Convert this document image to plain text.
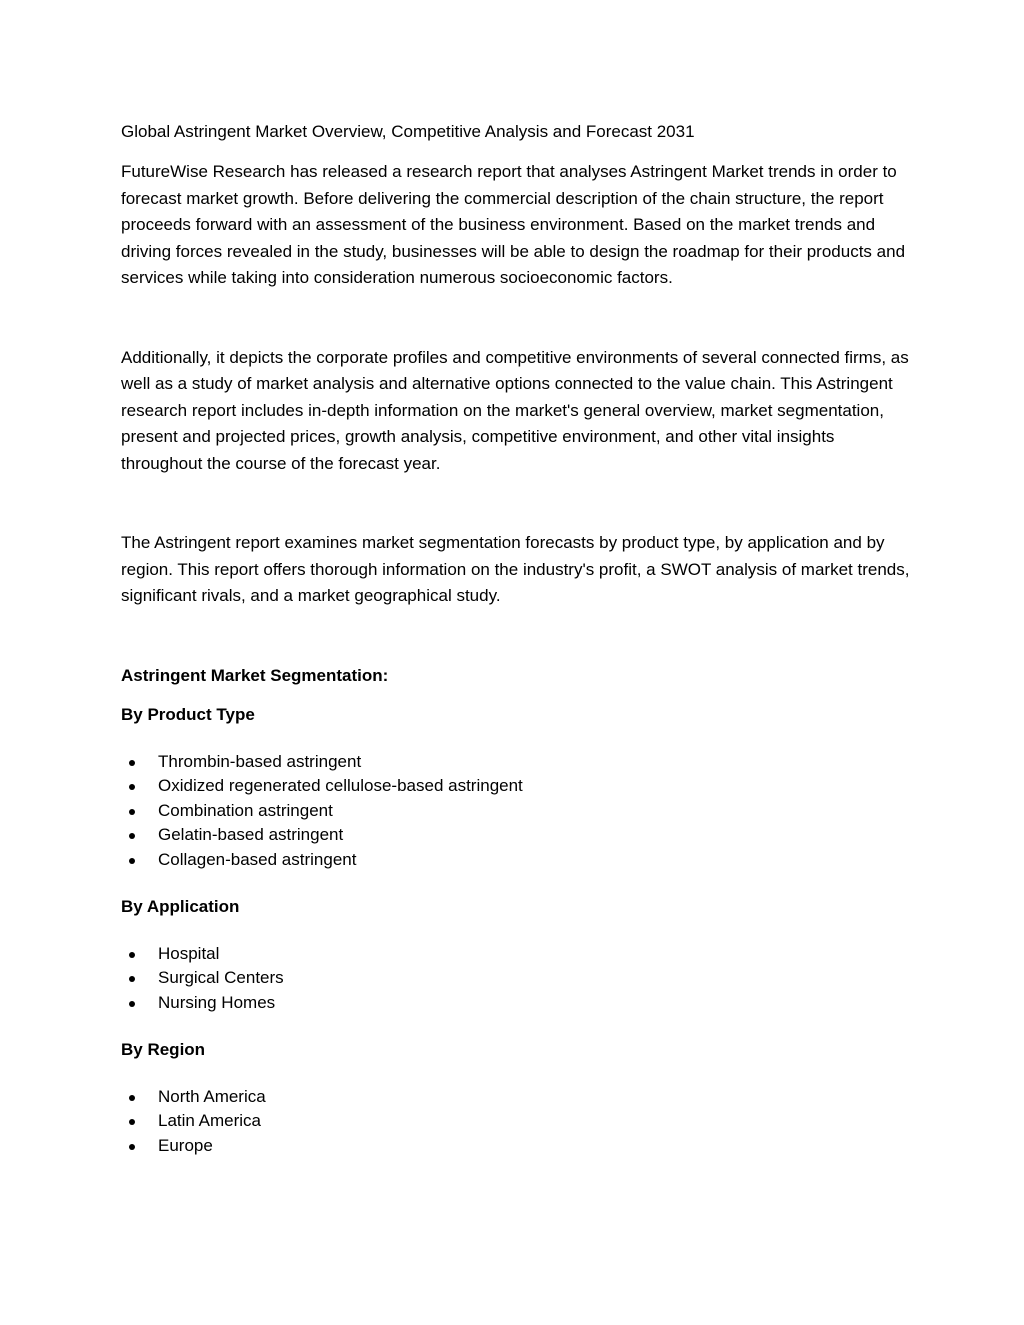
Global Astringent Market Overview, Competitive Analysis and Forecast 2031

FutureWise Research has released a research report that analyses Astringent Market trends in order to forecast market growth. Before delivering the commercial description of the chain structure, the report proceeds forward with an assessment of the business environment. Based on the market trends and driving forces revealed in the study, businesses will be able to design the roadmap for their products and services while taking into consideration numerous socioeconomic factors.

Additionally, it depicts the corporate profiles and competitive environments of several connected firms, as well as a study of market analysis and alternative options connected to the value chain. This Astringent research report includes in-depth information on the market's general overview, market segmentation, present and projected prices, growth analysis, competitive environment, and other vital insights throughout the course of the forecast year.

The Astringent report examines market segmentation forecasts by product type, by application and by region. This report offers thorough information on the industry's profit, a SWOT analysis of market trends, significant rivals, and a market geographical study.

Astringent Market Segmentation:

By Product Type

Thrombin-based astringent
Oxidized regenerated cellulose-based astringent
Combination astringent
Gelatin-based astringent
Collagen-based astringent

By Application

Hospital
Surgical Centers
Nursing Homes

By Region

North America
Latin America
Europe
